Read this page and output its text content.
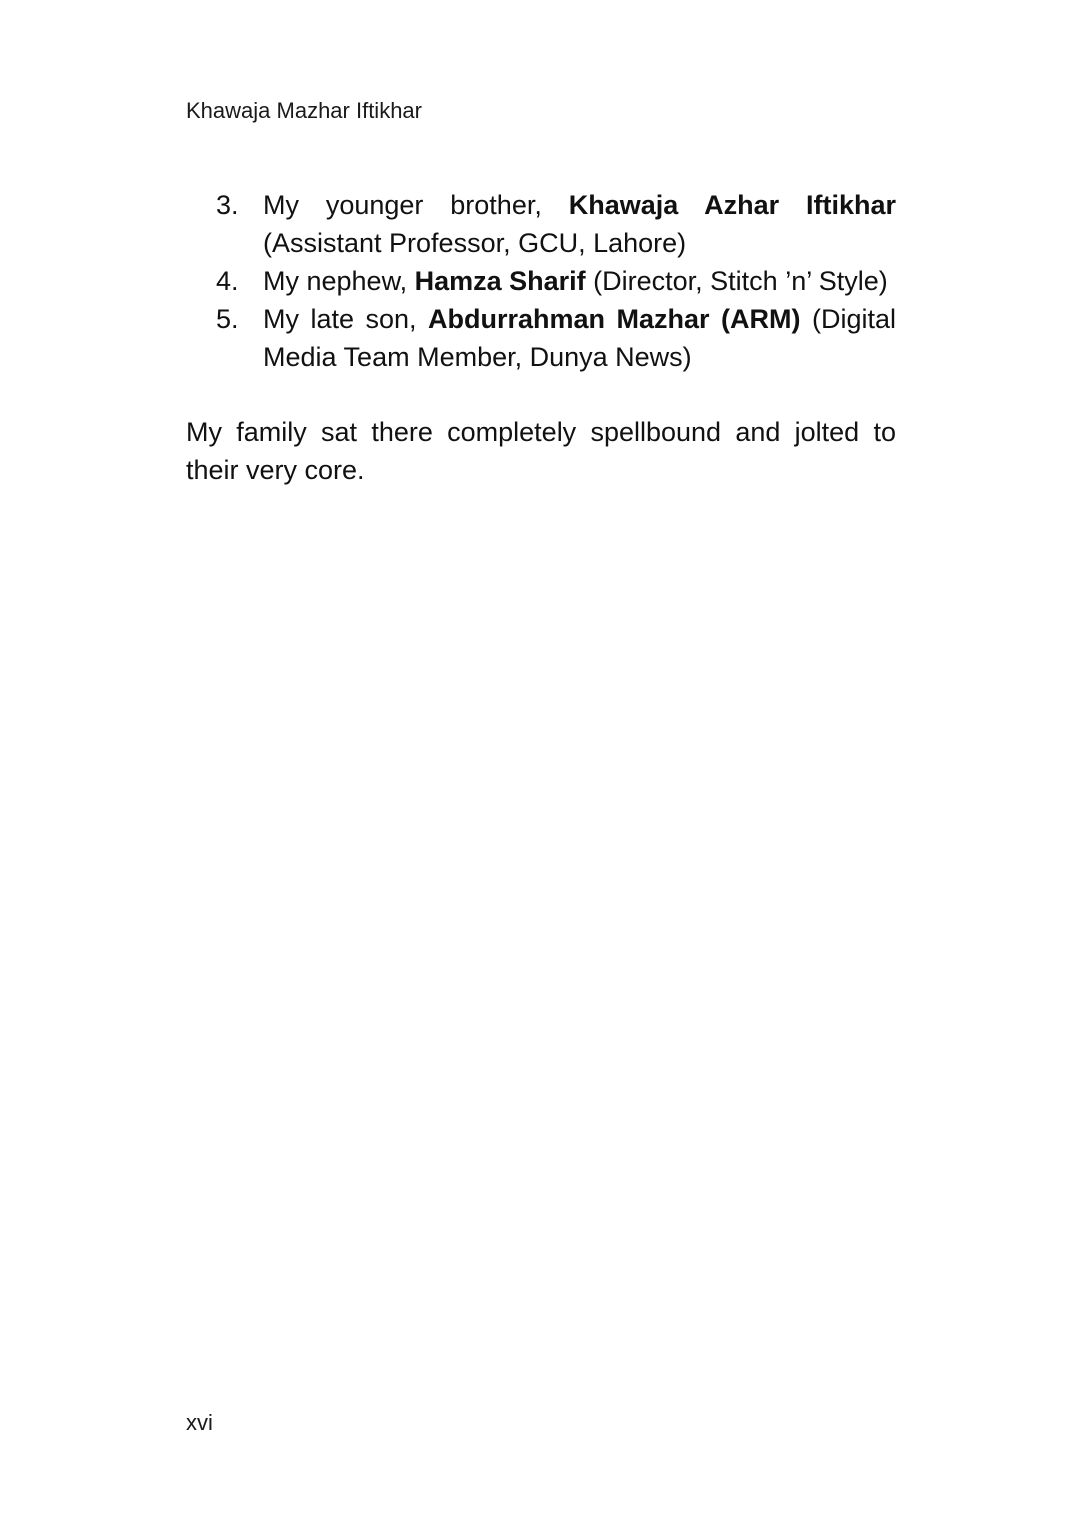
Khawaja Mazhar Iftikhar
3. My younger brother, Khawaja Azhar Iftikhar (Assistant Professor, GCU, Lahore)
4. My nephew, Hamza Sharif (Director, Stitch ’n’ Style)
5. My late son, Abdurrahman Mazhar (ARM) (Digital Media Team Member, Dunya News)

My family sat there completely spellbound and jolted to their very core.

xvi
